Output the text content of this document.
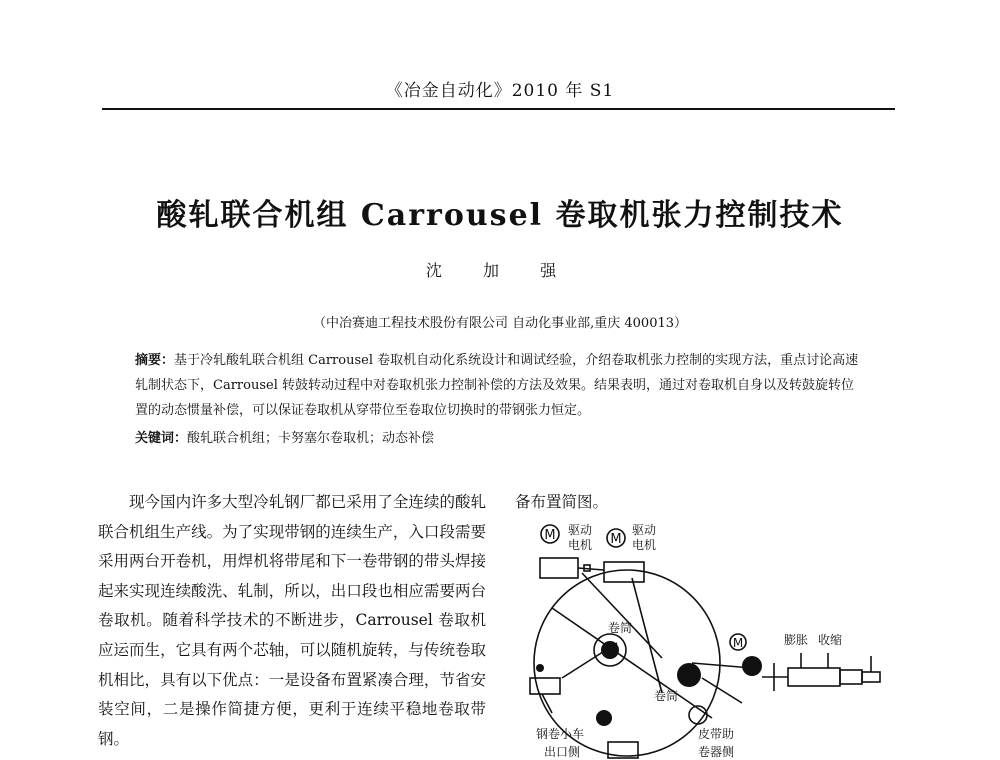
《冶金自动化》2010 年 S1
酸轧联合机组 Carrousel 卷取机张力控制技术
沈 加 强
（中冶赛迪工程技术股份有限公司 自动化事业部,重庆 400013）
摘要：基于冷轧酸轧联合机组 Carrousel 卷取机自动化系统设计和调试经验，介绍卷取机张力控制的实现方法，重点讨论高速轧制状态下，Carrousel 转鼓转动过程中对卷取机张力控制补偿的方法及效果。结果表明，通过对卷取机自身以及转鼓旋转位置的动态惯量补偿，可以保证卷取机从穿带位至卷取位切换时的带钢张力恒定。
关键词：酸轧联合机组；卡努塞尔卷取机；动态补偿

现今国内许多大型冷轧钢厂都已采用了全连续的酸轧联合机组生产线。为了实现带钢的连续生产，入口段需要采用两台开卷机，用焊机将带尾和下一卷带钢的带头焊接起来实现连续酸洗、轧制，所以，出口段也相应需要两台卷取机。随着科学技术的不断进步，Carrousel 卷取机应运而生，它具有两个芯轴，可以随机旋转，与传统卷取机相比，具有以下优点：一是设备布置紧凑合理，节省安装空间，二是操作简捷方便，更利于连续平稳地卷取带钢。

备布置简图。
M	M
M
驱动
电机
驱动
电机
卷筒
卷筒
膨胀 收缩
钢卷小车
出口侧
皮带助
卷器侧
